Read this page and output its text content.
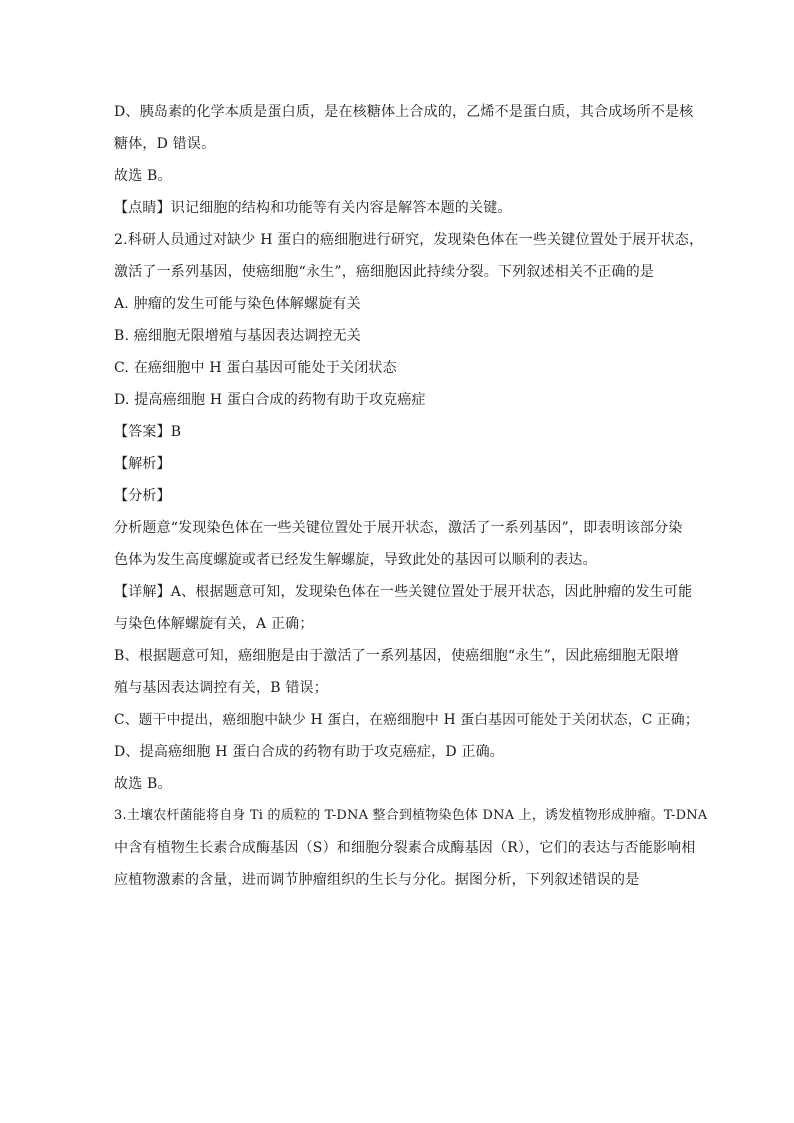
D、胰岛素的化学本质是蛋白质，是在核糖体上合成的，乙烯不是蛋白质，其合成场所不是核
糖体，D 错误。
故选 B。
【点睛】识记细胞的结构和功能等有关内容是解答本题的关键。
2.科研人员通过对缺少 H 蛋白的癌细胞进行研究，发现染色体在一些关键位置处于展开状态，
激活了一系列基因，使癌细胞“永生”，癌细胞因此持续分裂。下列叙述相关不正确的是
A. 肿瘤的发生可能与染色体解螺旋有关
B. 癌细胞无限增殖与基因表达调控无关
C. 在癌细胞中 H 蛋白基因可能处于关闭状态
D. 提高癌细胞 H 蛋白合成的药物有助于攻克癌症
【答案】B
【解析】
【分析】
分析题意“发现染色体在一些关键位置处于展开状态，激活了一系列基因”，即表明该部分染
色体为发生高度螺旋或者已经发生解螺旋，导致此处的基因可以顺利的表达。
【详解】A、根据题意可知，发现染色体在一些关键位置处于展开状态，因此肿瘤的发生可能
与染色体解螺旋有关，A 正确；
B、根据题意可知，癌细胞是由于激活了一系列基因，使癌细胞“永生”，因此癌细胞无限增
殖与基因表达调控有关，B 错误；
C、题干中提出，癌细胞中缺少 H 蛋白，在癌细胞中 H 蛋白基因可能处于关闭状态，C 正确；
D、提高癌细胞 H 蛋白合成的药物有助于攻克癌症，D 正确。
故选 B。
3.土壤农杆菌能将自身 Ti 的质粒的 T-DNA 整合到植物染色体 DNA 上，诱发植物形成肿瘤。T-DNA
中含有植物生长素合成酶基因（S）和细胞分裂素合成酶基因（R），它们的表达与否能影响相
应植物激素的含量，进而调节肿瘤组织的生长与分化。据图分析，下列叙述错误的是
